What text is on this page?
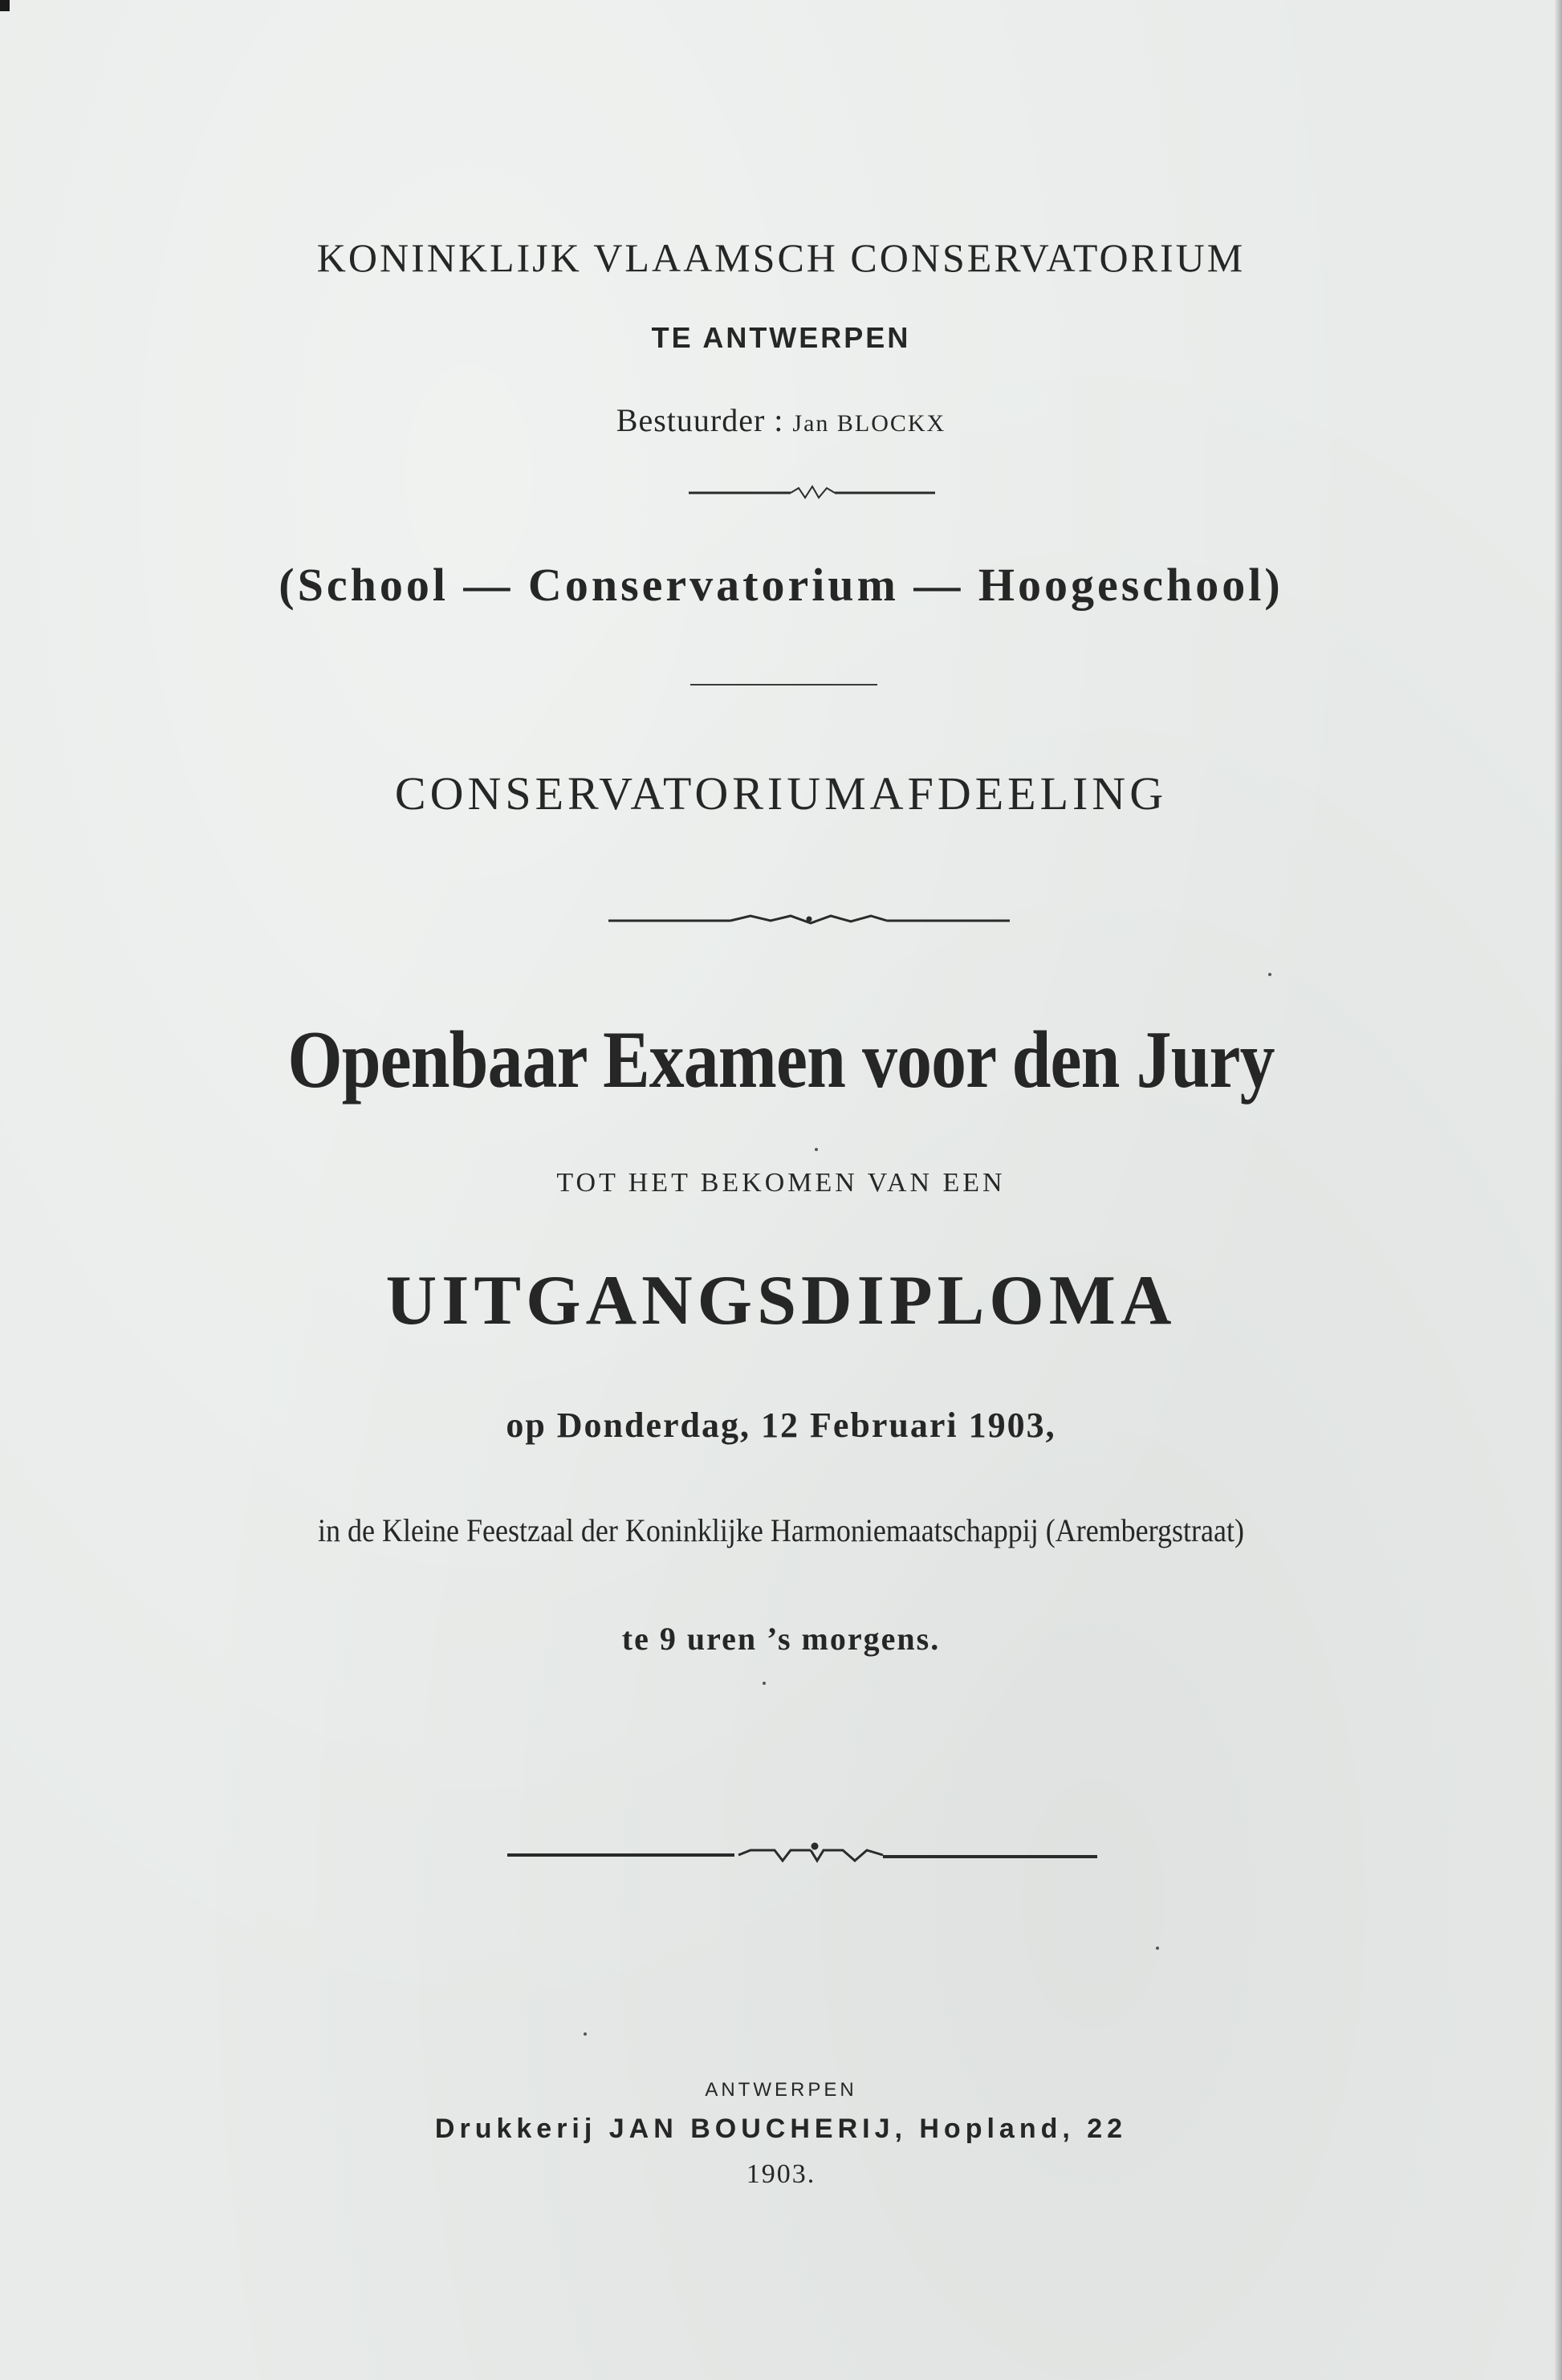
KONINKLIJK VLAAMSCH CONSERVATORIUM
TE ANTWERPEN
Bestuurder : Jan BLOCKX
(School — Conservatorium — Hoogeschool)
CONSERVATORIUMAFDEELING
Openbaar Examen voor den Jury
TOT HET BEKOMEN VAN EEN
UITGANGSDIPLOMA
op Donderdag, 12 Februari 1903,
in de Kleine Feestzaal der Koninklijke Harmoniemaatschappij (Arembergstraat)
te 9 uren ’s morgens.
ANTWERPEN
Drukkerij JAN BOUCHERIJ, Hopland, 22
1903.
